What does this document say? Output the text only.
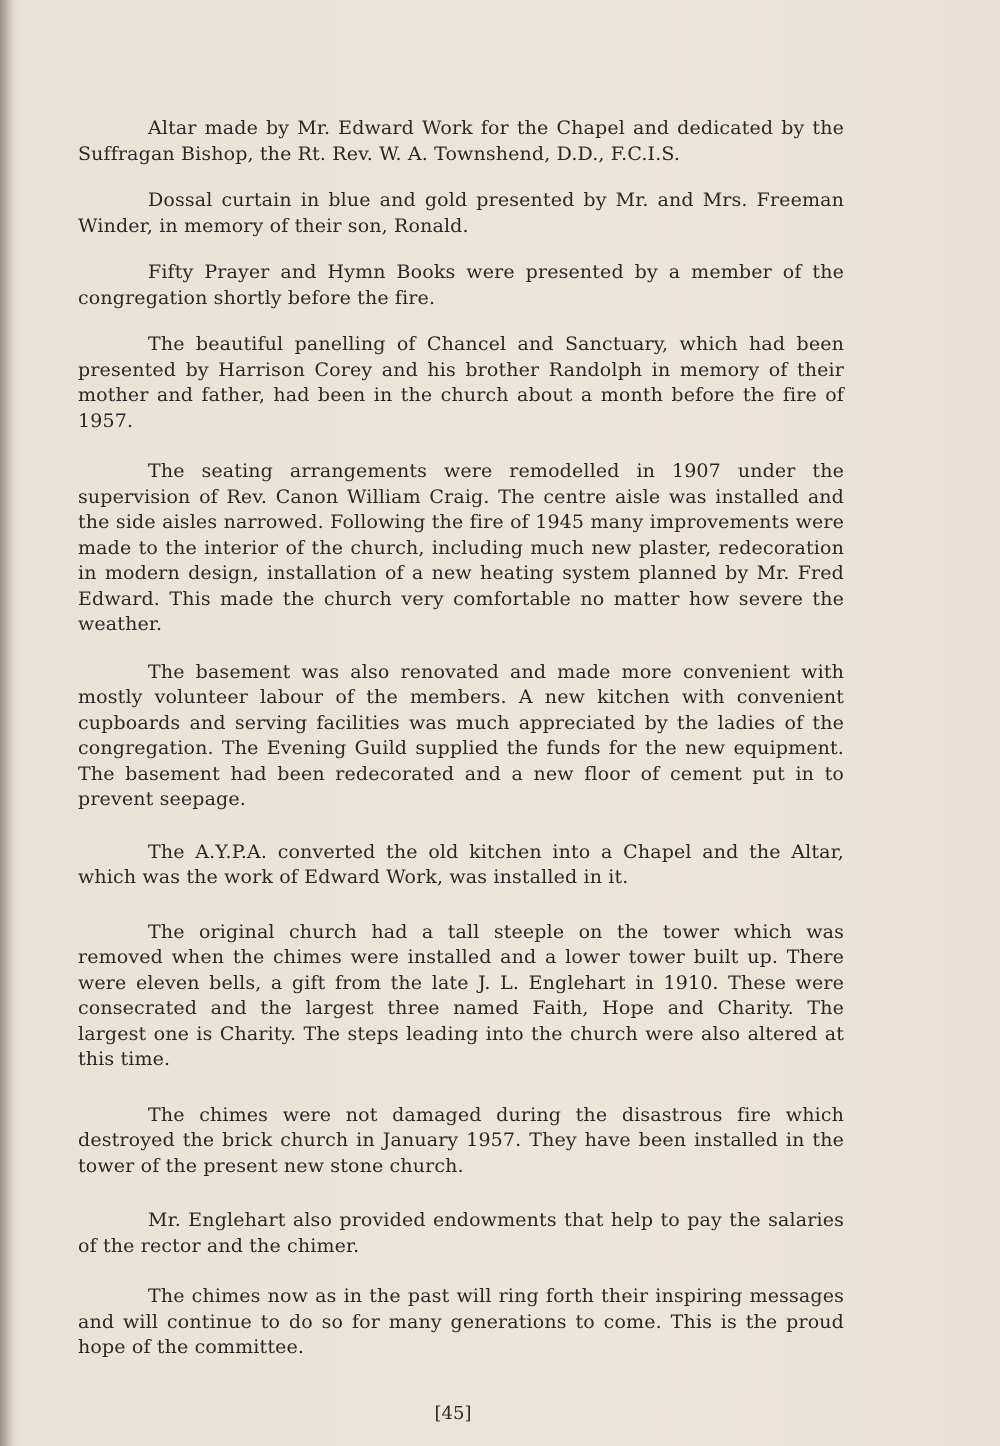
Altar made by Mr. Edward Work for the Chapel and dedicated by the Suffragan Bishop, the Rt. Rev. W. A. Townshend, D.D., F.C.I.S.

Dossal curtain in blue and gold presented by Mr. and Mrs. Freeman Winder, in memory of their son, Ronald.

Fifty Prayer and Hymn Books were presented by a member of the congregation shortly before the fire.

The beautiful panelling of Chancel and Sanctuary, which had been presented by Harrison Corey and his brother Randolph in memory of their mother and father, had been in the church about a month before the fire of 1957.

The seating arrangements were remodelled in 1907 under the supervision of Rev. Canon William Craig. The centre aisle was installed and the side aisles narrowed. Following the fire of 1945 many improvements were made to the interior of the church, including much new plaster, redecoration in modern design, installation of a new heating system planned by Mr. Fred Edward. This made the church very comfortable no matter how severe the weather.

The basement was also renovated and made more convenient with mostly volunteer labour of the members. A new kitchen with convenient cupboards and serving facilities was much appreciated by the ladies of the congregation. The Evening Guild supplied the funds for the new equipment. The basement had been redecorated and a new floor of cement put in to prevent seepage.

The A.Y.P.A. converted the old kitchen into a Chapel and the Altar, which was the work of Edward Work, was installed in it.

The original church had a tall steeple on the tower which was removed when the chimes were installed and a lower tower built up. There were eleven bells, a gift from the late J. L. Englehart in 1910. These were consecrated and the largest three named Faith, Hope and Charity. The largest one is Charity. The steps leading into the church were also altered at this time.

The chimes were not damaged during the disastrous fire which destroyed the brick church in January 1957. They have been installed in the tower of the present new stone church.

Mr. Englehart also provided endowments that help to pay the salaries of the rector and the chimer.

The chimes now as in the past will ring forth their inspiring messages and will continue to do so for many generations to come. This is the proud hope of the committee.

[45]
